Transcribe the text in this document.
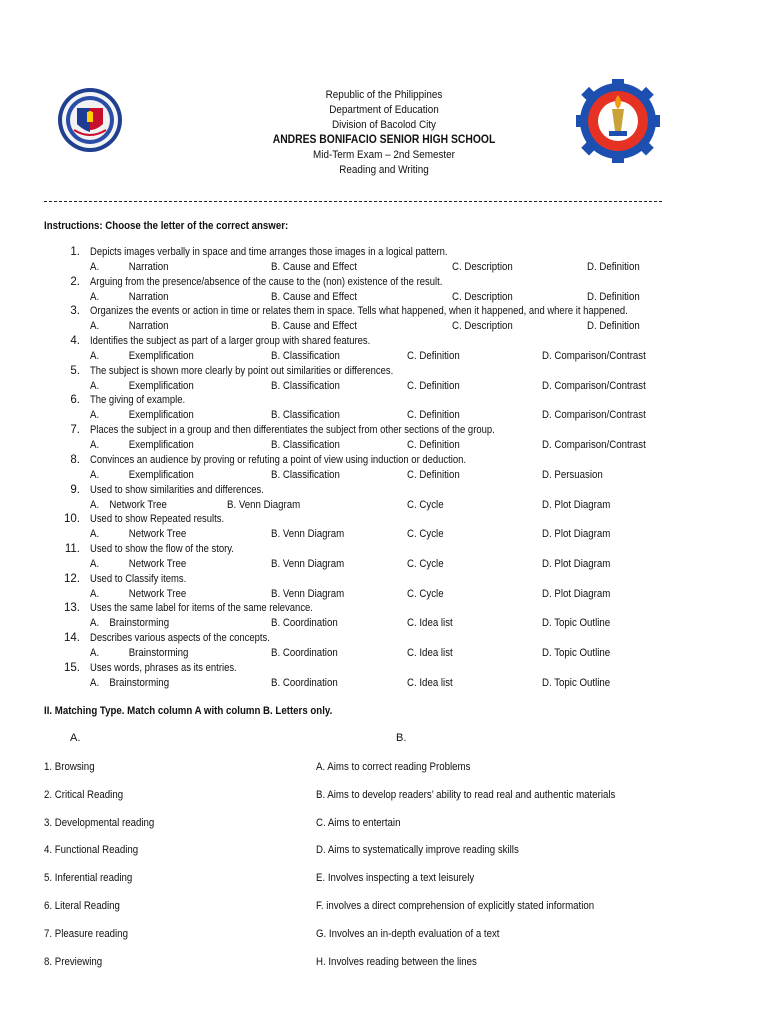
Republic of the Philippines
Department of Education
Division of Bacolod City
ANDRES BONIFACIO SENIOR HIGH SCHOOL
Mid-Term Exam – 2nd Semester
Reading and Writing
Instructions: Choose the letter of the correct answer:
1. Depicts images verbally in space and time arranges those images in a logical pattern.
A.	Narration	B. Cause and Effect	C. Description	D. Definition
2. Arguing from the presence/absence of the cause to the (non) existence of the result.
A.	Narration	B. Cause and Effect	C. Description	D. Definition
3. Organizes the events or action in time or relates them in space. Tells what happened, when it happened, and where it happened.
A.	Narration	B. Cause and Effect	C. Description	D. Definition
4. Identifies the subject as part of a larger group with shared features.
A.	Exemplification	B. Classification	C. Definition	D. Comparison/Contrast
5. The subject is shown more clearly by point out similarities or differences.
A.	Exemplification	B. Classification	C. Definition	D. Comparison/Contrast
6. The giving of example.
A.	Exemplification	B. Classification	C. Definition	D. Comparison/Contrast
7. Places the subject in a group and then differentiates the subject from other sections of the group.
A.	Exemplification	B. Classification	C. Definition	D. Comparison/Contrast
8. Convinces an audience by proving or refuting a point of view using induction or deduction.
A.	Exemplification	B. Classification	C. Definition	D. Persuasion
9. Used to show similarities and differences.
A. Network Tree	B. Venn Diagram	C. Cycle	D. Plot Diagram
10. Used to show Repeated results.
A.	Network Tree	B. Venn Diagram	C. Cycle	D. Plot Diagram
11. Used to show the flow of the story.
A.	Network Tree	B. Venn Diagram	C. Cycle	D. Plot Diagram
12. Used to Classify items.
A.	Network Tree	B. Venn Diagram	C. Cycle	D. Plot Diagram
13. Uses the same label for items of the same relevance.
A. Brainstorming	B. Coordination	C. Idea list	D. Topic Outline
14. Describes various aspects of the concepts.
A.	Brainstorming	B. Coordination	C. Idea list	D. Topic Outline
15. Uses words, phrases as its entries.
A. Brainstorming	B. Coordination	C. Idea list	D. Topic Outline
II. Matching Type. Match column A with column B. Letters only.
A.	B.
1. Browsing	A. Aims to correct reading Problems
2. Critical Reading	B. Aims to develop readers’ ability to read real and authentic materials
3. Developmental reading	C. Aims to entertain
4. Functional Reading	D. Aims to systematically improve reading skills
5. Inferential reading	E. Involves inspecting a text leisurely
6. Literal Reading	F. involves a direct comprehension of explicitly stated information
7. Pleasure reading	G. Involves an in-depth evaluation of a text
8. Previewing	H. Involves reading between the lines
